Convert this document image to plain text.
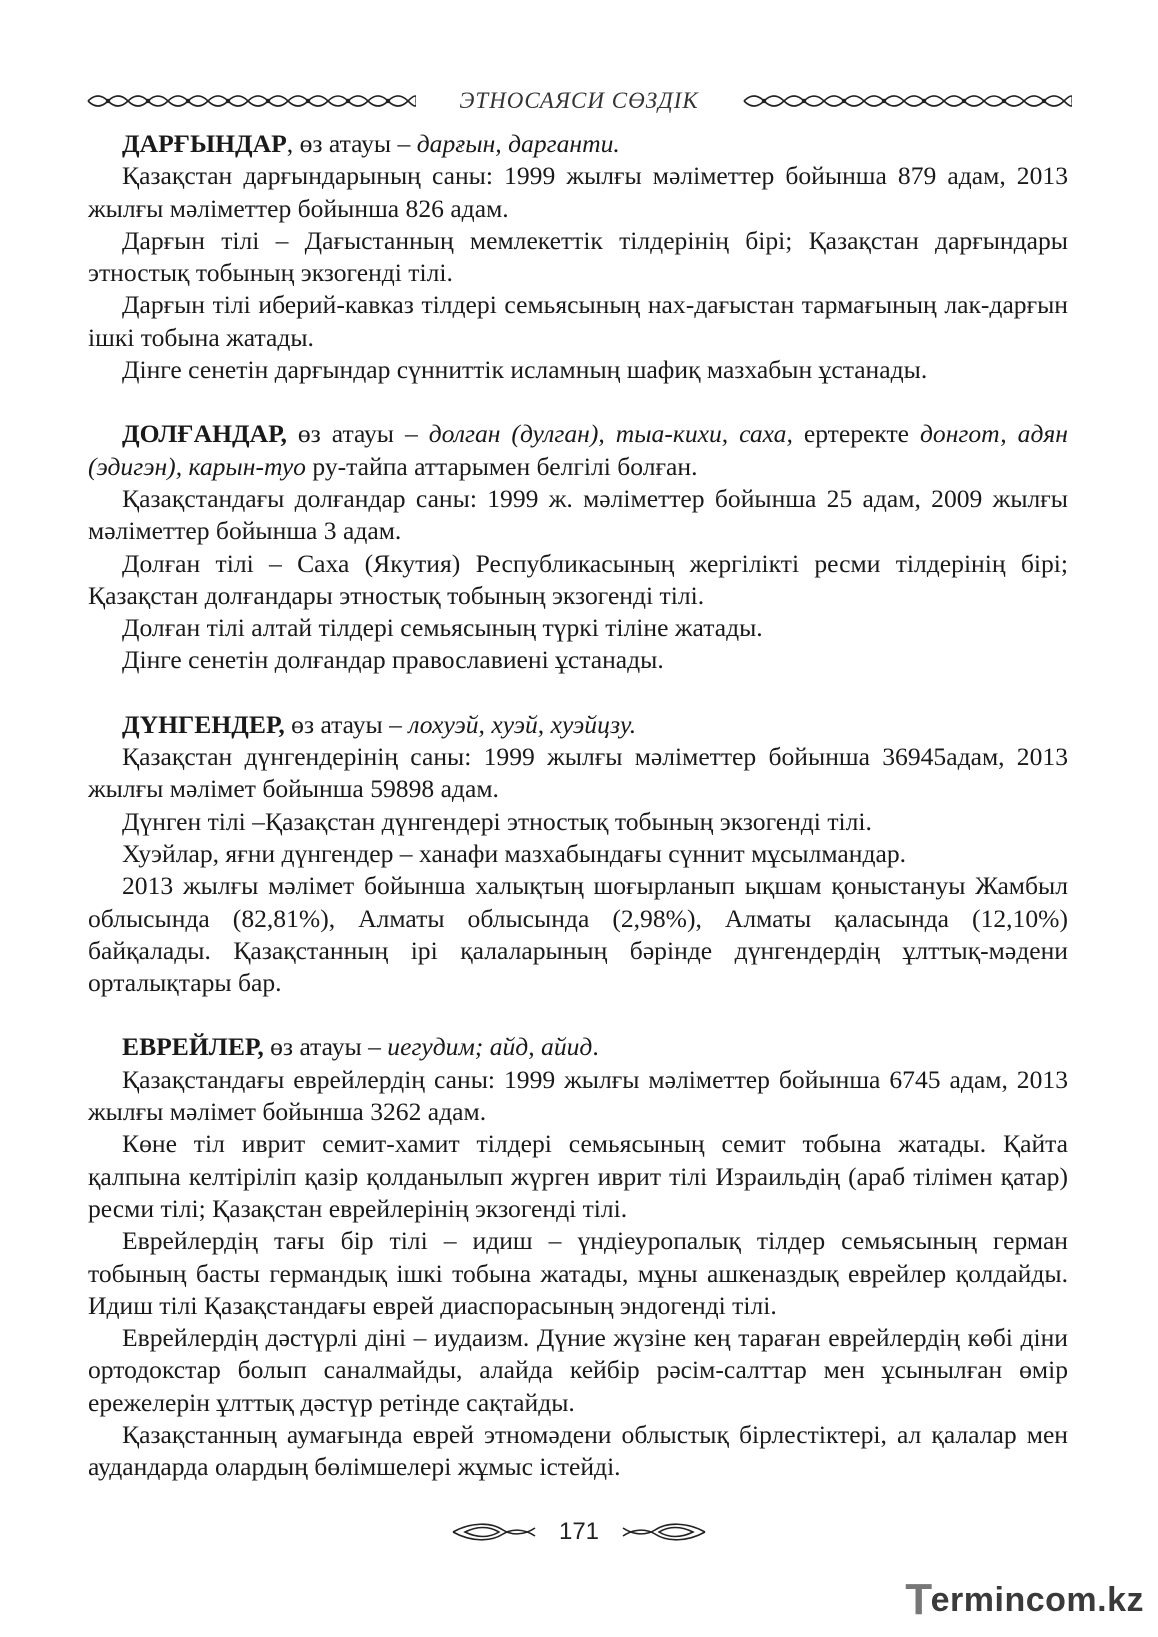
ЭТНОСАЯСИ СӨЗДІК

ДАРҒЫНДАР, өз атауы – дарғын, дарганти.

Қазақстан дарғындарының саны: 1999 жылғы мәліметтер бойынша 879 адам, 2013 жылғы мәліметтер бойынша 826 адам.

Дарғын тілі – Дағыстанның мемлекеттік тілдерінің бірі; Қазақстан дарғындары этностық тобының экзогенді тілі.

Дарғын тілі иберий-кавказ тілдері семьясының нах-дағыстан тармағының лак-дарғын ішкі тобына жатады.

Дінге сенетін дарғындар сүнниттік исламның шафиқ мазхабын ұстанады.

ДОЛҒАНДАР, өз атауы – долган (дулган), тыа-кихи, саха, ертеректе донгот, адян (эдигэн), карын-туо ру-тайпа аттарымен белгілі болған.

Қазақстандағы долғандар саны: 1999 ж. мәліметтер бойынша 25 адам, 2009 жылғы мәліметтер бойынша 3 адам.

Долған тілі – Саха (Якутия) Республикасының жергілікті ресми тілдерінің бірі; Қазақстан долғандары этностық тобының экзогенді тілі.

Долған тілі алтай тілдері семьясының түркі тіліне жатады.

Дінге сенетін долғандар православиені ұстанады.

ДҮНГЕНДЕР, өз атауы – лохуэй, хуэй, хуэйцзу.

Қазақстан дүнгендерінің саны: 1999 жылғы мәліметтер бойынша 36945адам, 2013 жылғы мәлімет бойынша 59898 адам.

Дүнген тілі –Қазақстан дүнгендері этностық тобының экзогенді тілі.

Хуэйлар, яғни дүнгендер – ханафи мазхабындағы сүннит мұсылмандар.

2013 жылғы мәлімет бойынша халықтың шоғырланып ықшам қоныстануы Жамбыл облысында (82,81%), Алматы облысында (2,98%), Алматы қаласында (12,10%) байқалады. Қазақстанның ірі қалаларының бәрінде дүнгендердің ұлттық-мәдени орталықтары бар.

ЕВРЕЙЛЕР, өз атауы – иегудим; айд, айид.

Қазақстандағы еврейлердің саны: 1999 жылғы мәліметтер бойынша 6745 адам, 2013 жылғы мәлімет бойынша 3262 адам.

Көне тіл иврит семит-хамит тілдері семьясының семит тобына жатады. Қайта қалпына келтіріліп қазір қолданылып жүрген иврит тілі Израильдің (араб тілімен қатар) ресми тілі; Қазақстан еврейлерінің экзогенді тілі.

Еврейлердің тағы бір тілі – идиш – үндіеуропалық тілдер семьясының герман тобының басты германдық ішкі тобына жатады, мұны ашкеназдық еврейлер қолдайды. Идиш тілі Қазақстандағы еврей диаспорасының эндогенді тілі.

Еврейлердің дәстүрлі діні – иудаизм. Дүние жүзіне кең тараған еврейлердің көбі діни ортодокстар болып саналмайды, алайда кейбір рәсім-салттар мен ұсынылған өмір ережелерін ұлттық дәстүр ретінде сақтайды.

Қазақстанның аумағында еврей этномәдени облыстық бірлестіктері, ал қалалар мен аудандарда олардың бөлімшелері жұмыс істейді.

171
T
ermincom.kz
